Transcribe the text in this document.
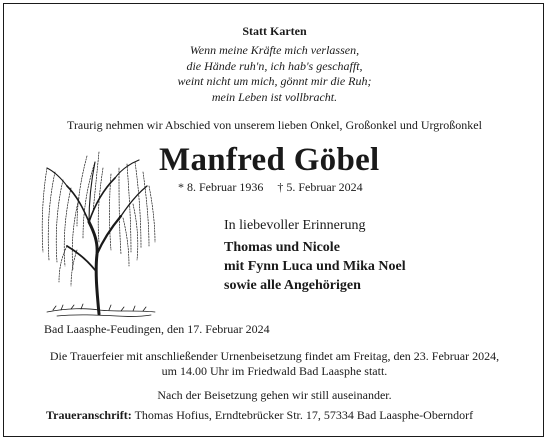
Statt Karten
Wenn meine Kräfte mich verlassen,
die Hände ruh'n, ich hab's geschafft,
weint nicht um mich, gönnt mir die Ruh;
mein Leben ist vollbracht.
Traurig nehmen wir Abschied von unserem lieben Onkel, Großonkel und Urgroßonkel
Manfred Göbel
* 8. Februar 1936 † 5. Februar 2024
In liebevoller Erinnerung
Thomas und Nicole
mit Fynn Luca und Mika Noel
sowie alle Angehörigen
Bad Laasphe-Feudingen, den 17. Februar 2024
Die Trauerfeier mit anschließender Urnenbeisetzung findet am Freitag, den 23. Februar 2024,
um 14.00 Uhr im Friedwald Bad Laasphe statt.
Nach der Beisetzung gehen wir still auseinander.
Traueranschrift: Thomas Hofius, Erndtebrücker Str. 17, 57334 Bad Laasphe-Oberndorf
